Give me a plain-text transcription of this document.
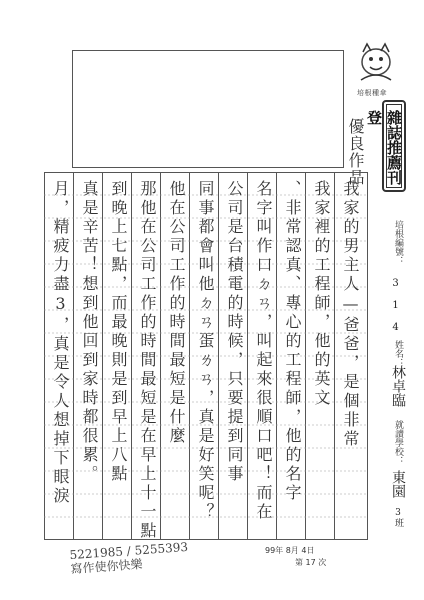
培根種傘
雜誌推薦刊登
優良作品
培根編號：
3 1 4
姓名：
林卓臨
就讀學校：
東園
3班
我家的男主人—爸爸，是個非常
我家裡的工程師，他的英文
、非常認真、專心的工程師，他的名字
名字叫作口ㄉㄢ，叫起來很順口吧！而在
公司是台積電的時候，只要提到同事
同事都會叫他ㄉㄢ蛋ㄌㄢ，真是好笑呢？
他在公司工作的時間最短是什麼
那他在公司工作的時間最短是在早上十一點
到晚上七點，而最晚則是到早上八點
真是辛苦！想到他回到家時都很累。
月，精疲力盡3，真是令人想掉下眼淚
99年 8月 4日
第 17 次
5221985 / 5255393
寫作使你快樂
